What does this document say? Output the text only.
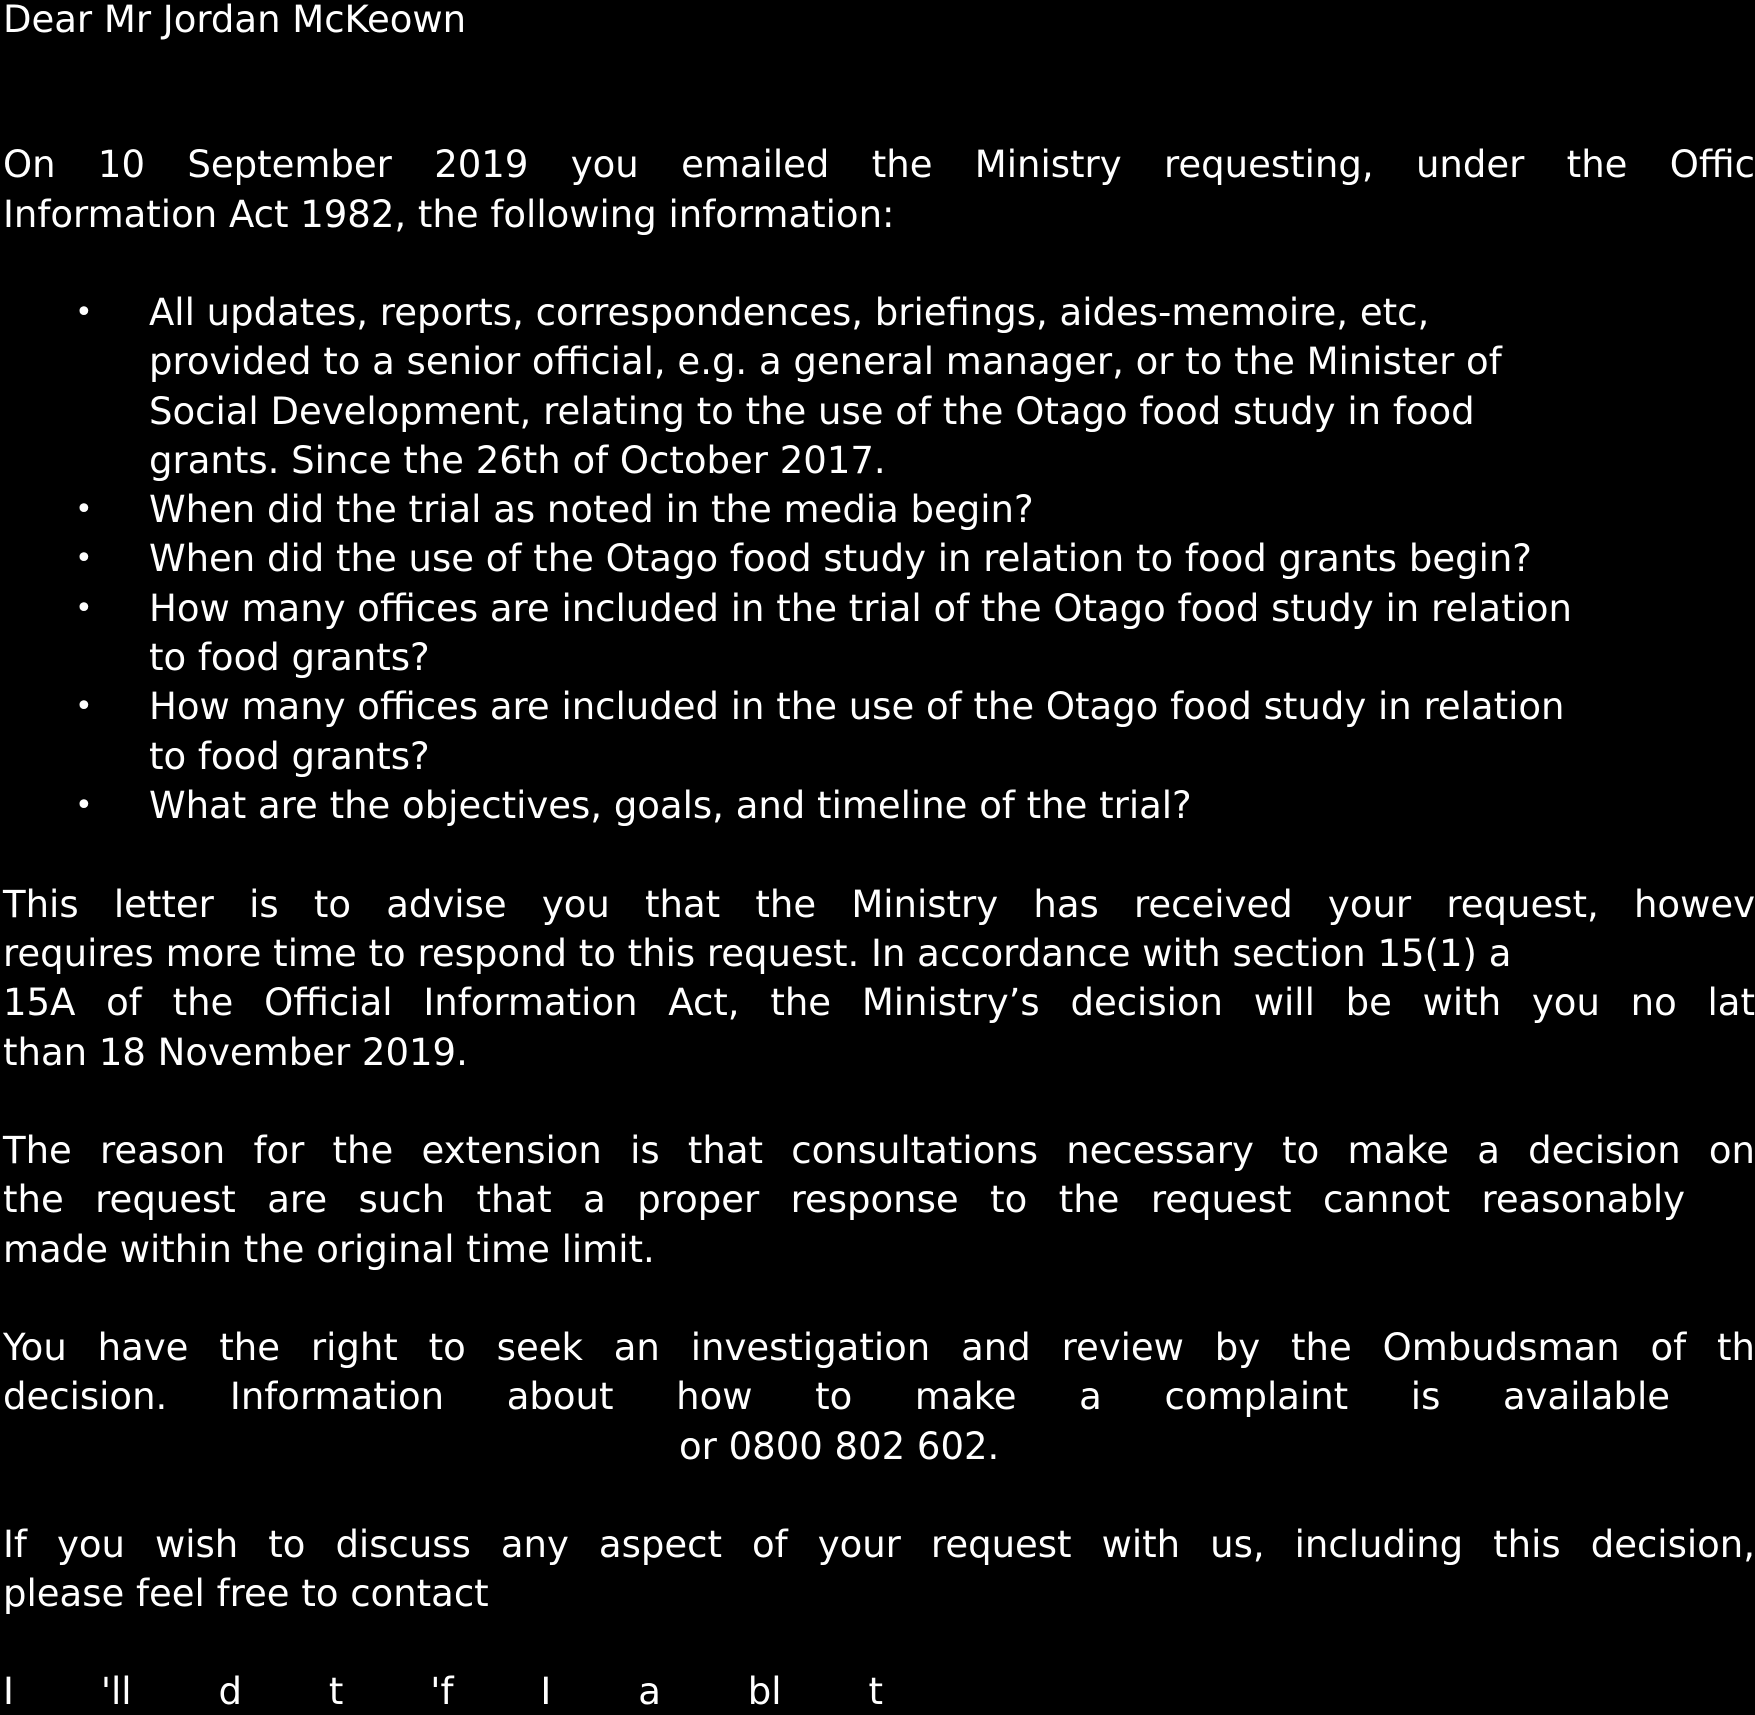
Dear Mr Jordan McKeown
On 10 September 2019 you emailed the Ministry requesting, under the Offic
Information Act 1982, the following information:
• All updates, reports, correspondences, briefings, aides-memoire, etc,
provided to a senior official, e.g. a general manager, or to the Minister of
Social Development, relating to the use of the Otago food study in food
grants. Since the 26th of October 2017.
• When did the trial as noted in the media begin?
• When did the use of the Otago food study in relation to food grants begin?
• How many offices are included in the trial of the Otago food study in relation
to food grants?
• How many offices are included in the use of the Otago food study in relation
to food grants?
• What are the objectives, goals, and timeline of the trial?
This letter is to advise you that the Ministry has received your request, howev
requires more time to respond to this request. In accordance with section 15(1) a
15A of the Official Information Act, the Ministry’s decision will be with you no lat
than 18 November 2019.
The reason for the extension is that consultations necessary to make a decision on
the request are such that a proper response to the request cannot reasonably
made within the original time limit.
You have the right to seek an investigation and review by the Ombudsman of th
decision. Information about how to make a complaint is available
or 0800 802 602.
If you wish to discuss any aspect of your request with us, including this decision,
please feel free to contact
I 'll d t 'f I a bl t
